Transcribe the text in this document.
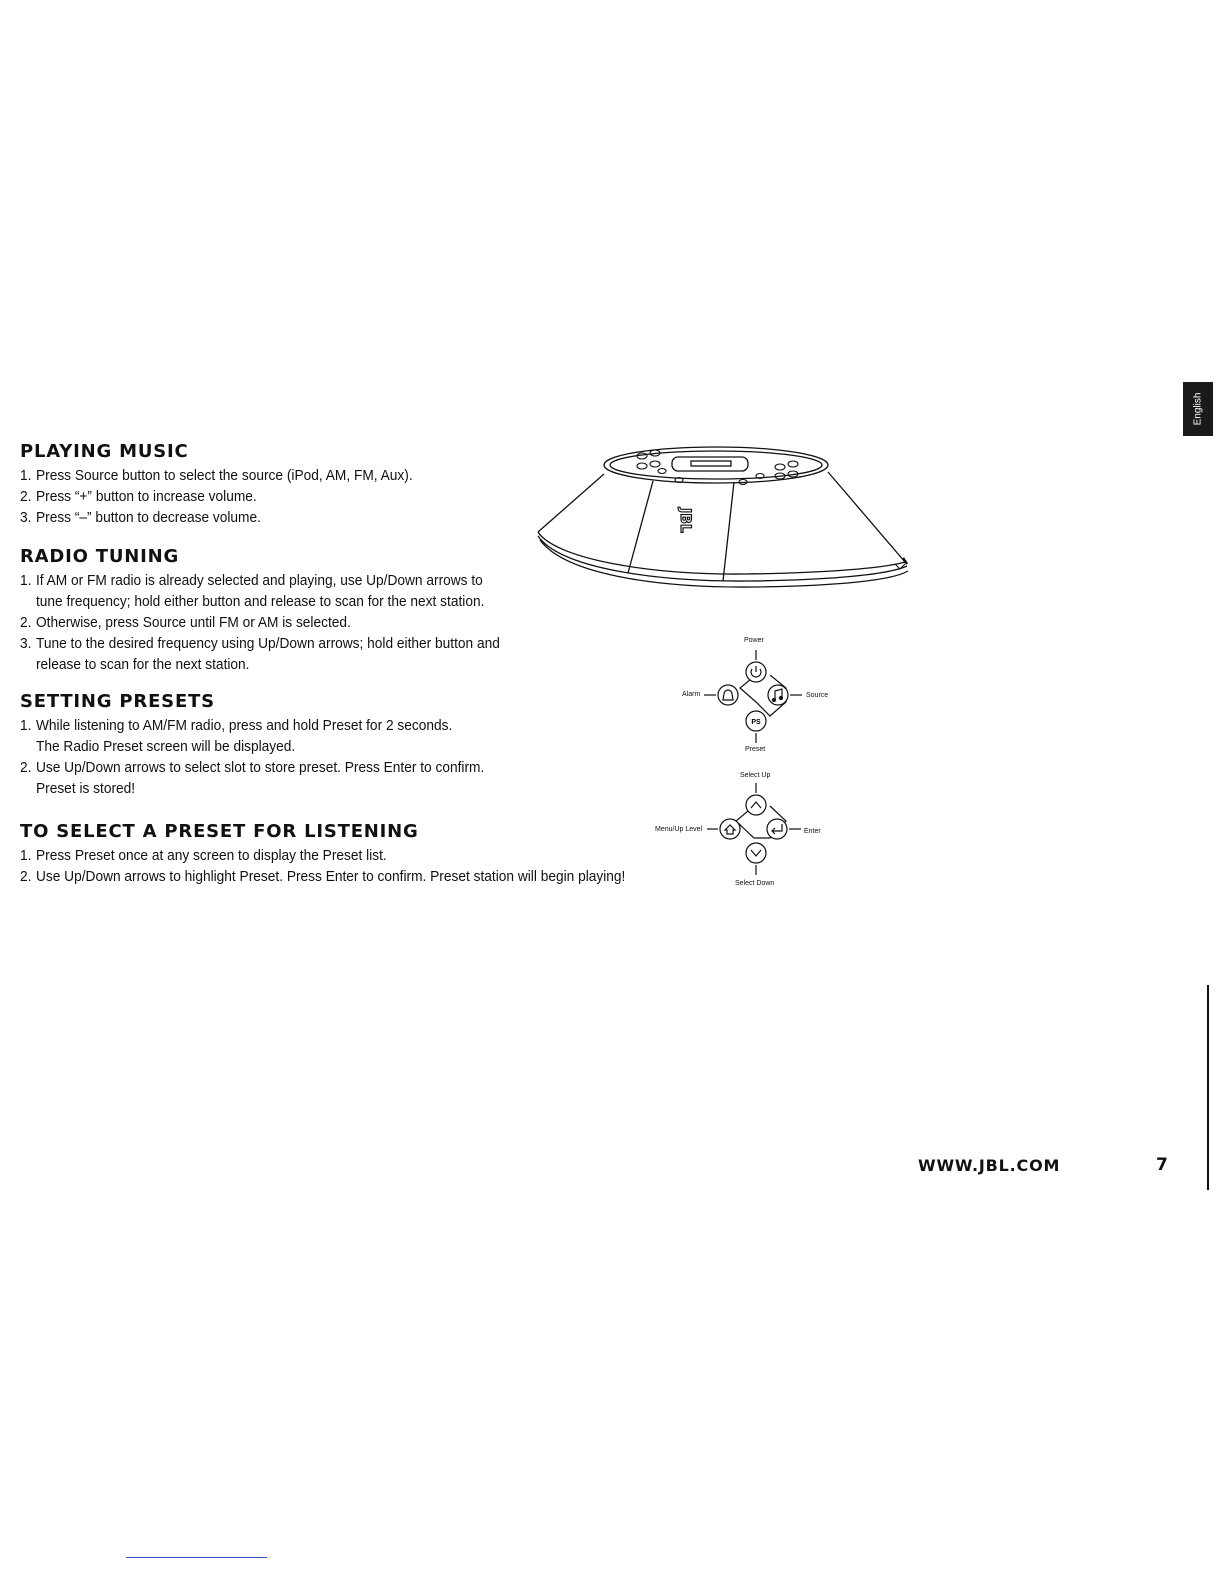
English
PLAYING MUSIC
1. Press Source button to select the source (iPod, AM, FM, Aux).
2. Press “+” button to increase volume.
3. Press “–” button to decrease volume.
RADIO TUNING
1. If AM or FM radio is already selected and playing, use Up/Down arrows to
tune frequency; hold either button and release to scan for the next station.
2. Otherwise, press Source until FM or AM is selected.
3. Tune to the desired frequency using Up/Down arrows; hold either button and
release to scan for the next station.
SETTING PRESETS
1. While listening to AM/FM radio, press and hold Preset for 2 seconds.
The Radio Preset screen will be displayed.
2. Use Up/Down arrows to select slot to store preset. Press Enter to confirm.
Preset is stored!
TO SELECT A PRESET FOR LISTENING
1. Press Preset once at any screen to display the Preset list.
2. Use Up/Down arrows to highlight Preset. Press Enter to confirm. Preset station will begin playing!
JBL
PS
Power
Alarm	Source
Preset
Select Up
Menu/Up Level	Enter
Select Down
WWW.JBL.COM	7
